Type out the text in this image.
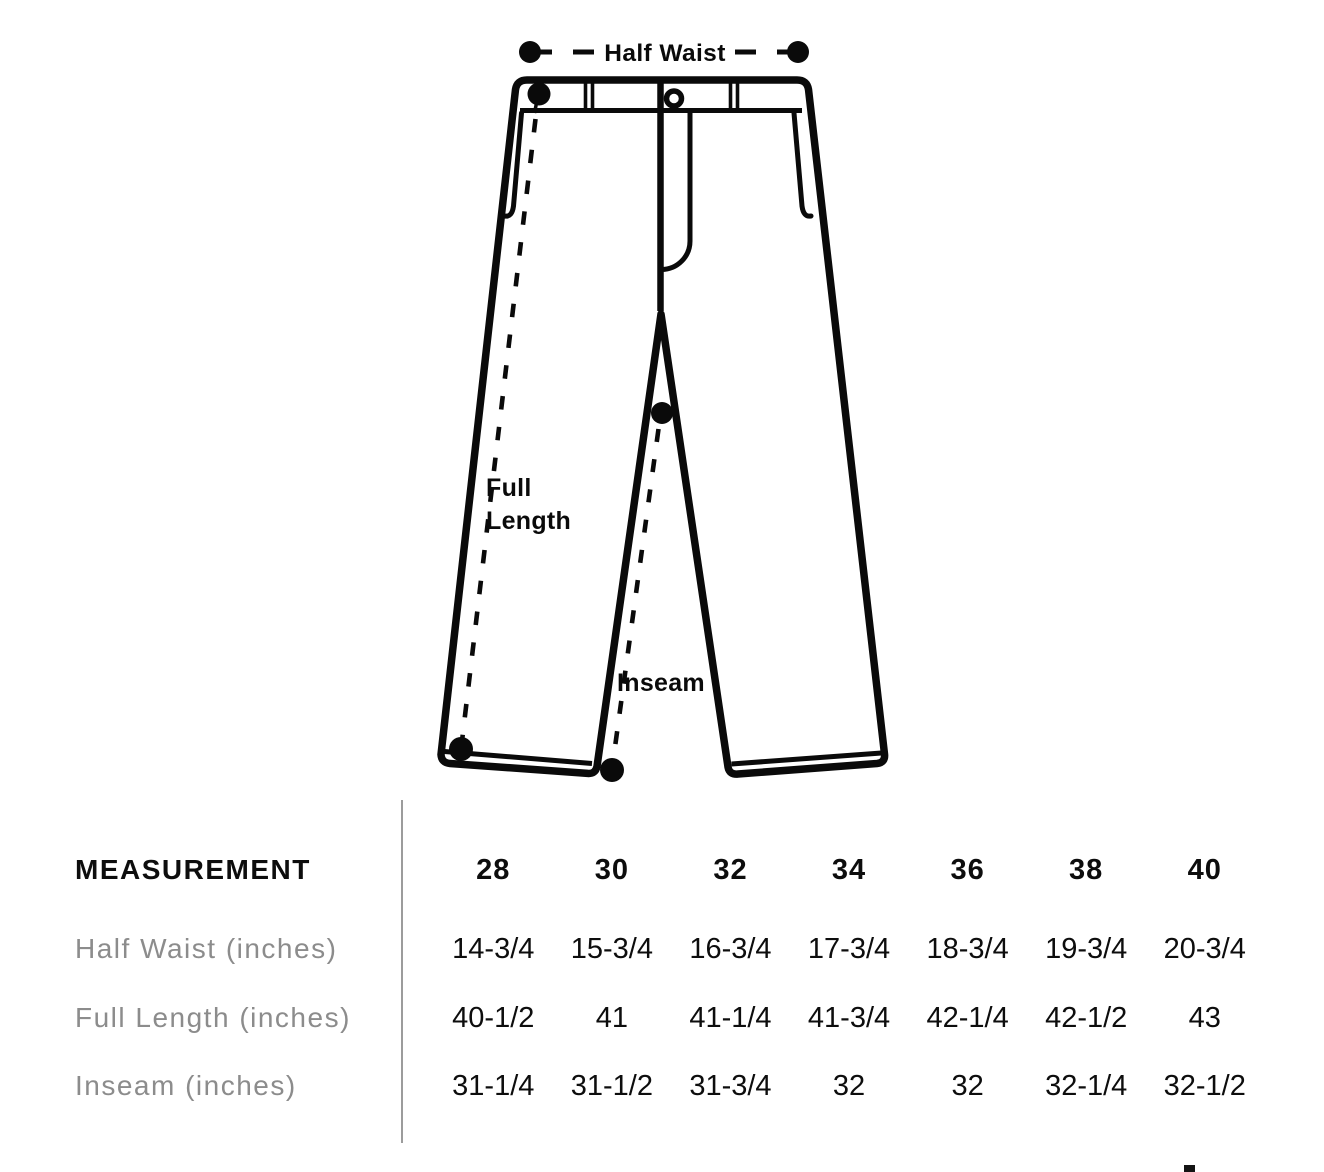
Half Waist
Full
Length
Inseam
MEASUREMENT	28	30	32	34	36	38	40
Half Waist (inches)	14-3/4	15-3/4	16-3/4	17-3/4	18-3/4	19-3/4	20-3/4
Full Length (inches)	40-1/2	41	41-1/4	41-3/4	42-1/4	42-1/2	43
Inseam (inches)	31-1/4	31-1/2	31-3/4	32	32	32-1/4	32-1/2
